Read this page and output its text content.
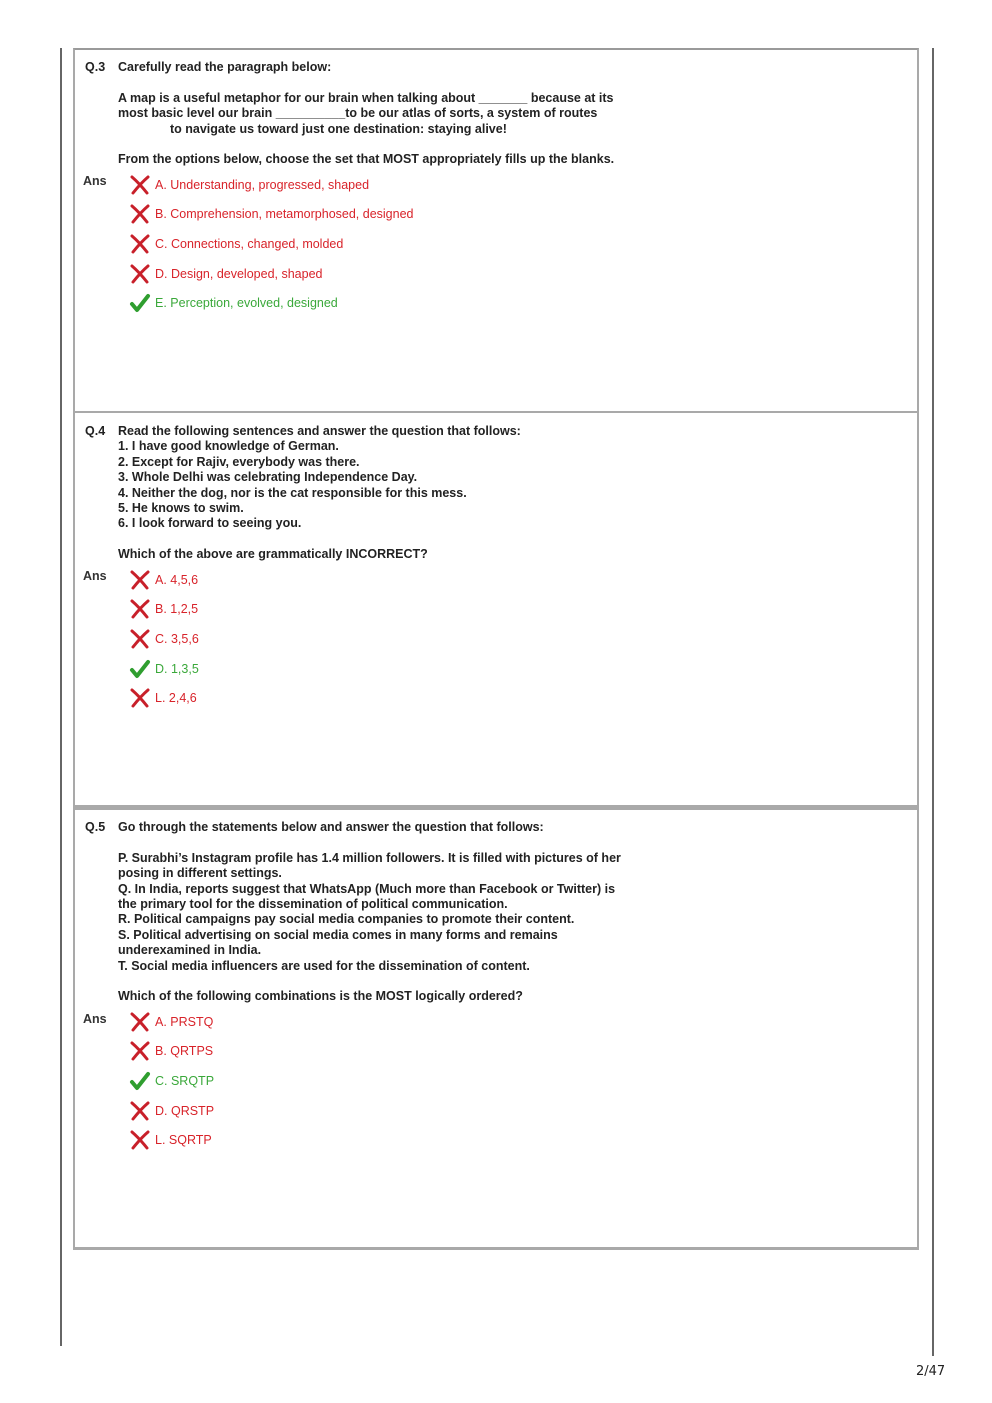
Q.3	Carefully read the paragraph below:

A map is a useful metaphor for our brain when talking about _______ because at its

most basic level our brain __________to be our atlas of sorts, a system of routes

to navigate us toward just one destination: staying alive!

From the options below, choose the set that MOST appropriately fills up the blanks.

Ans	A. Understanding, progressed, shaped
B. Comprehension, metamorphosed, designed
C. Connections, changed, molded
D. Design, developed, shaped
E. Perception, evolved, designed
Q.4	Read the following sentences and answer the question that follows:

1. I have good knowledge of German.

2. Except for Rajiv, everybody was there.

3. Whole Delhi was celebrating Independence Day.

4. Neither the dog, nor is the cat responsible for this mess.

5. He knows to swim.

6. I look forward to seeing you.

Which of the above are grammatically INCORRECT?

Ans	A. 4,5,6
B. 1,2,5
C. 3,5,6
D. 1,3,5
L. 2,4,6
Q.5	Go through the statements below and answer the question that follows:

P. Surabhi’s Instagram profile has 1.4 million followers. It is filled with pictures of her

posing in different settings.

Q. In India, reports suggest that WhatsApp (Much more than Facebook or Twitter) is

the primary tool for the dissemination of political communication.

R. Political campaigns pay social media companies to promote their content.

S. Political advertising on social media comes in many forms and remains

underexamined in India.

T. Social media influencers are used for the dissemination of content.

Which of the following combinations is the MOST logically ordered?

Ans	A. PRSTQ
B. QRTPS
C. SRQTP
D. QRSTP
L. SQRTP
2/47
